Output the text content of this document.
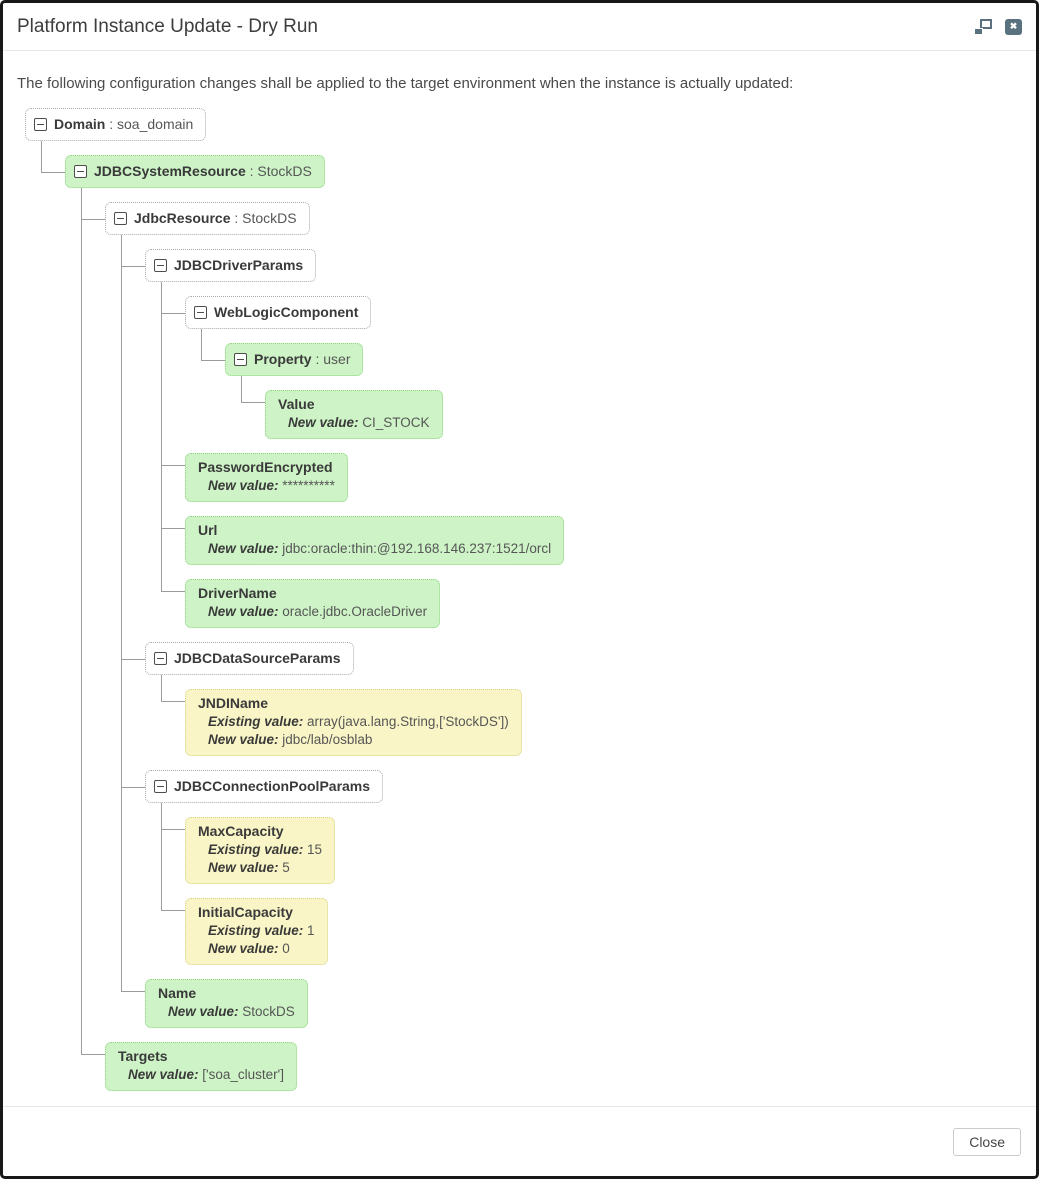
Platform Instance Update - Dry Run	✖
The following configuration changes shall be applied to the target environment when the instance is actually updated:
Domain : soa_domain
JDBCSystemResource : StockDS
JdbcResource : StockDS
JDBCDriverParams
WebLogicComponent
Property : user
Value
New value: CI_STOCK
PasswordEncrypted
New value: **********
Url
New value: jdbc:oracle:thin:@192.168.146.237:1521/orcl
DriverName
New value: oracle.jdbc.OracleDriver
JDBCDataSourceParams
JNDIName
Existing value: array(java.lang.String,['StockDS'])
New value: jdbc/lab/osblab
JDBCConnectionPoolParams
MaxCapacity
Existing value: 15
New value: 5
InitialCapacity
Existing value: 1
New value: 0
Name
New value: StockDS
Targets
New value: ['soa_cluster']
Close
